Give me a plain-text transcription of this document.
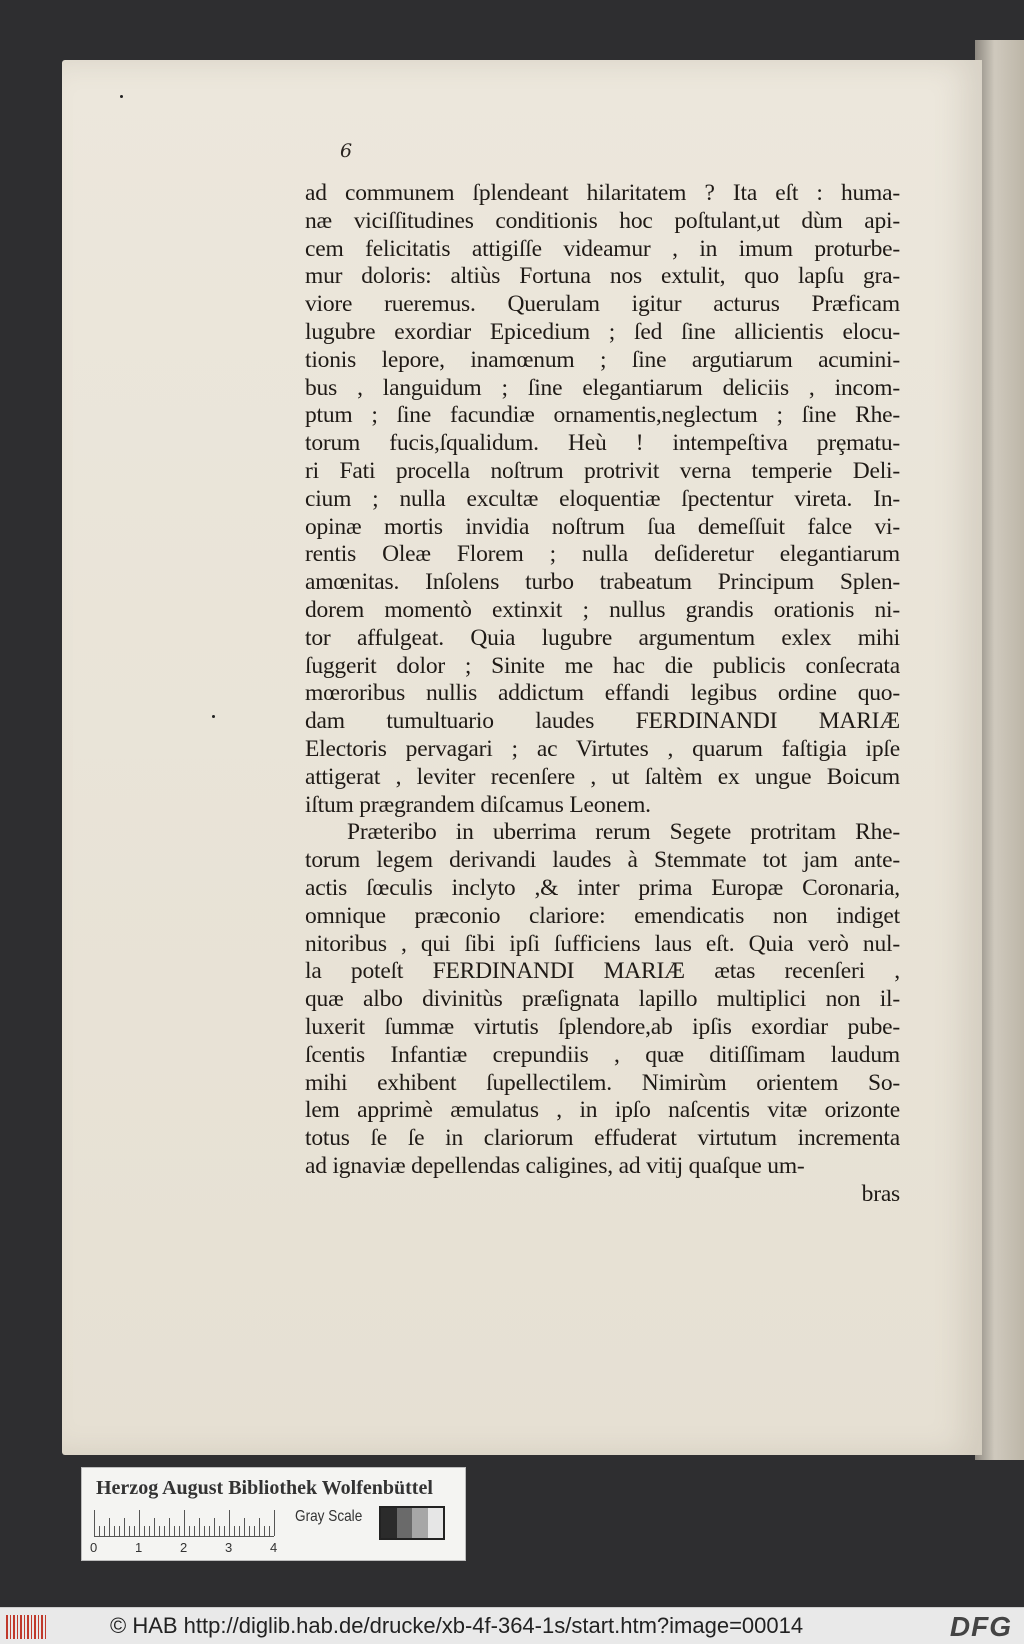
6
ad communem ſplendeant hilaritatem ? Ita eſt : huma-
næ viciſſitudines conditionis hoc poſtulant,ut dùm api-
cem felicitatis attigiſſe videamur , in imum proturbe-
mur doloris: altiùs Fortuna nos extulit, quo lapſu gra-
viore rueremus. Querulam igitur acturus Præficam
lugubre exordiar Epicedium ; ſed ſine allicientis elocu-
tionis lepore, inamœnum ; ſine argutiarum acumini-
bus , languidum ; ſine elegantiarum deliciis , incom-
ptum ; ſine facundiæ ornamentis,neglectum ; ſine Rhe-
torum fucis,ſqualidum. Heù ! intempeſtiva prȩmatu-
ri Fati procella noſtrum protrivit verna temperie Deli-
cium ; nulla excultæ eloquentiæ ſpectentur vireta. In-
opinæ mortis invidia noſtrum ſua demeſſuit falce vi-
rentis Oleæ Florem ; nulla deſideretur elegantiarum
amœnitas. Inſolens turbo trabeatum Principum Splen-
dorem momentò extinxit ; nullus grandis orationis ni-
tor affulgeat. Quia lugubre argumentum exlex mihi
ſuggerit dolor ; Sinite me hac die publicis conſecrata
mœroribus nullis addictum effandi legibus ordine quo-
dam tumultuario laudes FERDINANDI MARIÆ
Electoris pervagari ; ac Virtutes , quarum faſtigia ipſe
attigerat , leviter recenſere , ut ſaltèm ex ungue Boicum
iſtum prægrandem diſcamus Leonem.
Prætеribo in uberrima rerum Segete protritam Rhe-
torum legem derivandi laudes à Stemmate tot jam ante-
actis ſœculis inclyto ,& inter prima Europæ Coronaria,
omnique præconio clariore: emendicatis non indiget
nitoribus , qui ſibi ipſi ſufficiens laus eſt. Quia verò nul-
la poteſt FERDINANDI MARIÆ ætas recenſeri ,
quæ albo divinitùs præſignata lapillo multiplici non il-
luxerit ſummæ virtutis ſplendore,ab ipſis exordiar pube-
ſcentis Infantiæ crepundiis , quæ ditiſſimam laudum
mihi exhibent ſupellectilem. Nimirùm orientem So-
lem apprimè æmulatus , in ipſo naſcentis vitæ orizonte
totus ſe ſe in clariorum effuderat virtutum incrementa
ad ignaviæ depellendas caligines, ad vitij quaſque um-
bras
Herzog August Bibliothek Wolfenbüttel
0	1	2	3	4
Gray Scale
© HAB http://diglib.hab.de/drucke/xb-4f-364-1s/start.htm?image=00014	DFG
